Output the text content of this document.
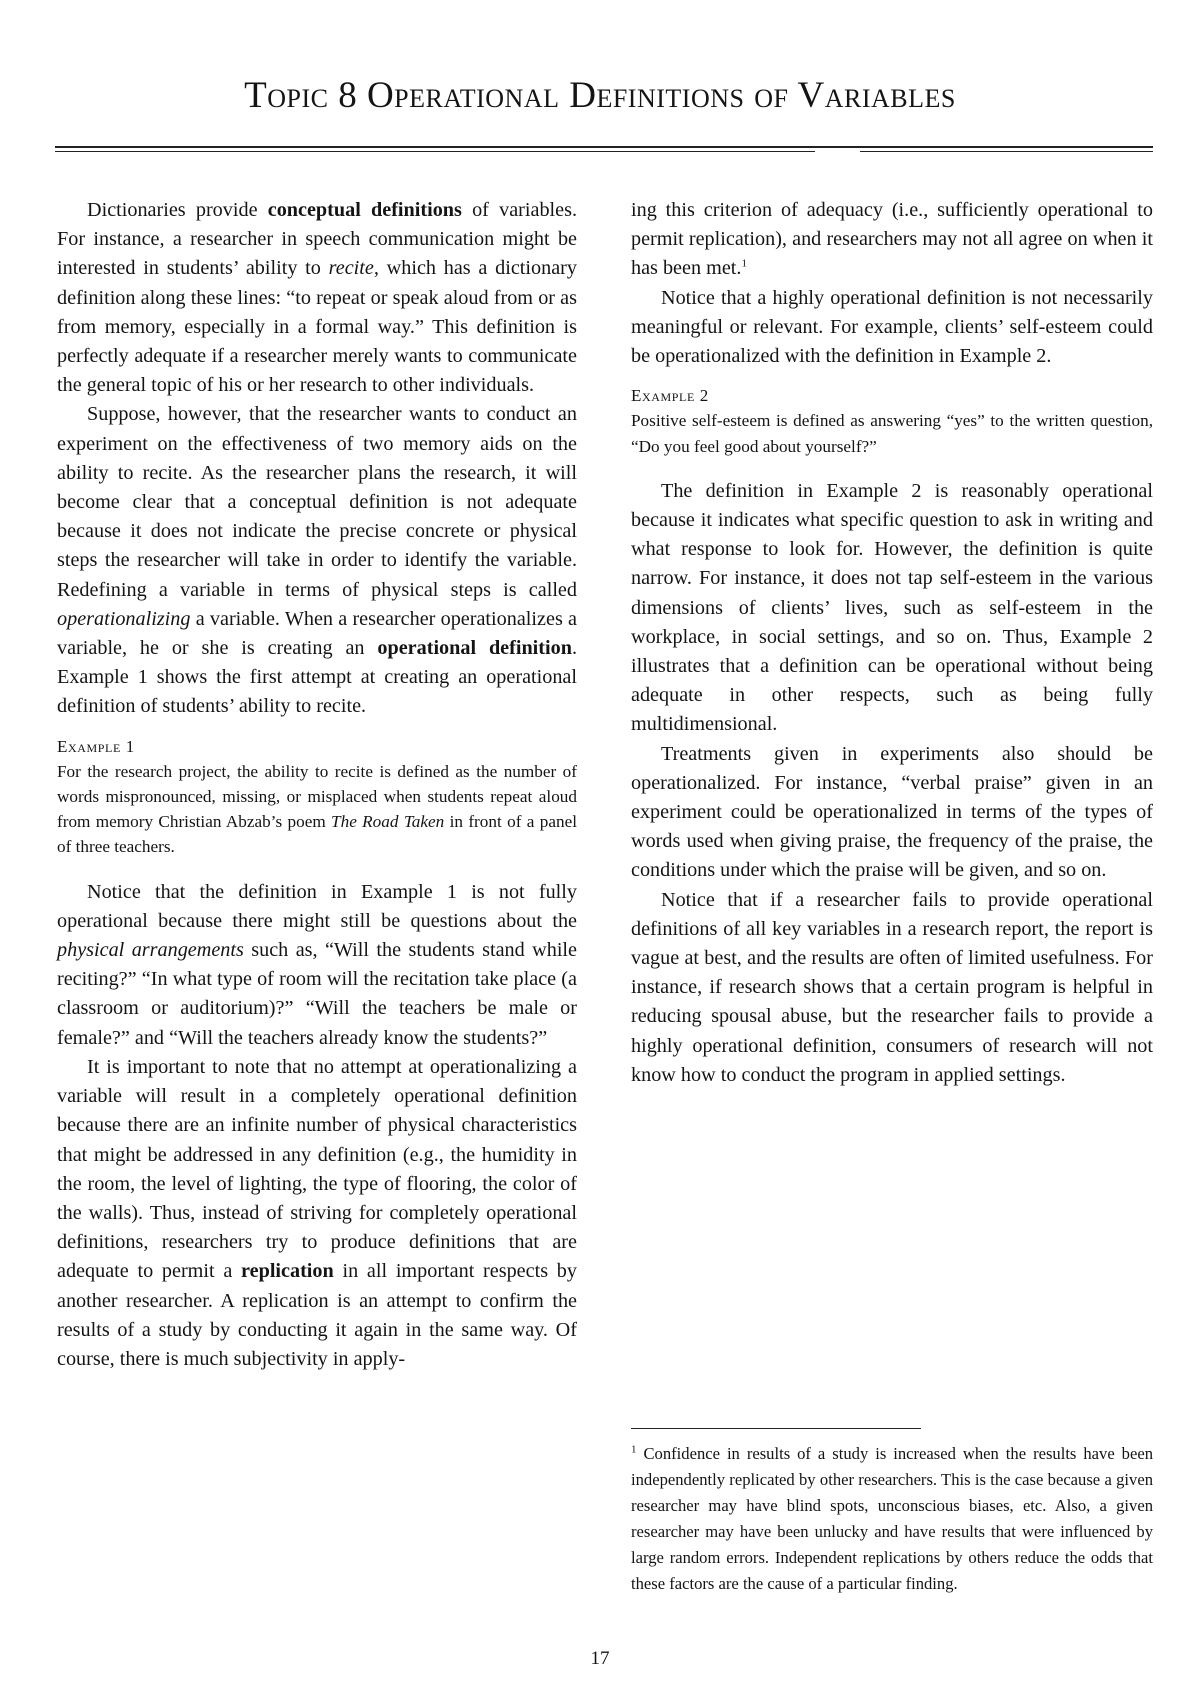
Topic 8 Operational Definitions of Variables

Dictionaries provide conceptual definitions of variables. For instance, a researcher in speech communication might be interested in students’ ability to recite, which has a dictionary definition along these lines: “to repeat or speak aloud from or as from memory, especially in a formal way.” This definition is perfectly adequate if a researcher merely wants to communicate the general topic of his or her research to other individuals.

Suppose, however, that the researcher wants to conduct an experiment on the effectiveness of two memory aids on the ability to recite. As the researcher plans the research, it will become clear that a conceptual definition is not adequate because it does not indicate the precise concrete or physical steps the researcher will take in order to identify the variable. Redefining a variable in terms of physical steps is called operationalizing a variable. When a researcher operationalizes a variable, he or she is creating an operational definition. Example 1 shows the first attempt at creating an operational definition of students’ ability to recite.

Example 1
For the research project, the ability to recite is defined as the number of words mispronounced, missing, or misplaced when students repeat aloud from memory Christian Abzab’s poem The Road Taken in front of a panel of three teachers.

Notice that the definition in Example 1 is not fully operational because there might still be questions about the physical arrangements such as, “Will the students stand while reciting?” “In what type of room will the recitation take place (a classroom or auditorium)?” “Will the teachers be male or female?” and “Will the teachers already know the students?”

It is important to note that no attempt at operationalizing a variable will result in a completely operational definition because there are an infinite number of physical characteristics that might be addressed in any definition (e.g., the humidity in the room, the level of lighting, the type of flooring, the color of the walls). Thus, instead of striving for completely operational definitions, researchers try to produce definitions that are adequate to permit a replication in all important respects by another researcher. A replication is an attempt to confirm the results of a study by conducting it again in the same way. Of course, there is much subjectivity in apply-

ing this criterion of adequacy (i.e., sufficiently operational to permit replication), and researchers may not all agree on when it has been met.$^1$

Notice that a highly operational definition is not necessarily meaningful or relevant. For example, clients’ self-esteem could be operationalized with the definition in Example 2.

Example 2
Positive self-esteem is defined as answering “yes” to the written question, “Do you feel good about yourself?”

The definition in Example 2 is reasonably operational because it indicates what specific question to ask in writing and what response to look for. However, the definition is quite narrow. For instance, it does not tap self-esteem in the various dimensions of clients’ lives, such as self-esteem in the workplace, in social settings, and so on. Thus, Example 2 illustrates that a definition can be operational without being adequate in other respects, such as being fully multidimensional.

Treatments given in experiments also should be operationalized. For instance, “verbal praise” given in an experiment could be operationalized in terms of the types of words used when giving praise, the frequency of the praise, the conditions under which the praise will be given, and so on.

Notice that if a researcher fails to provide operational definitions of all key variables in a research report, the report is vague at best, and the results are often of limited usefulness. For instance, if research shows that a certain program is helpful in reducing spousal abuse, but the researcher fails to provide a highly operational definition, consumers of research will not know how to conduct the program in applied settings.

$^1$ Confidence in results of a study is increased when the results have been independently replicated by other researchers. This is the case because a given researcher may have blind spots, unconscious biases, etc. Also, a given researcher may have been unlucky and have results that were influenced by large random errors. Independent replications by others reduce the odds that these factors are the cause of a particular finding.
17
